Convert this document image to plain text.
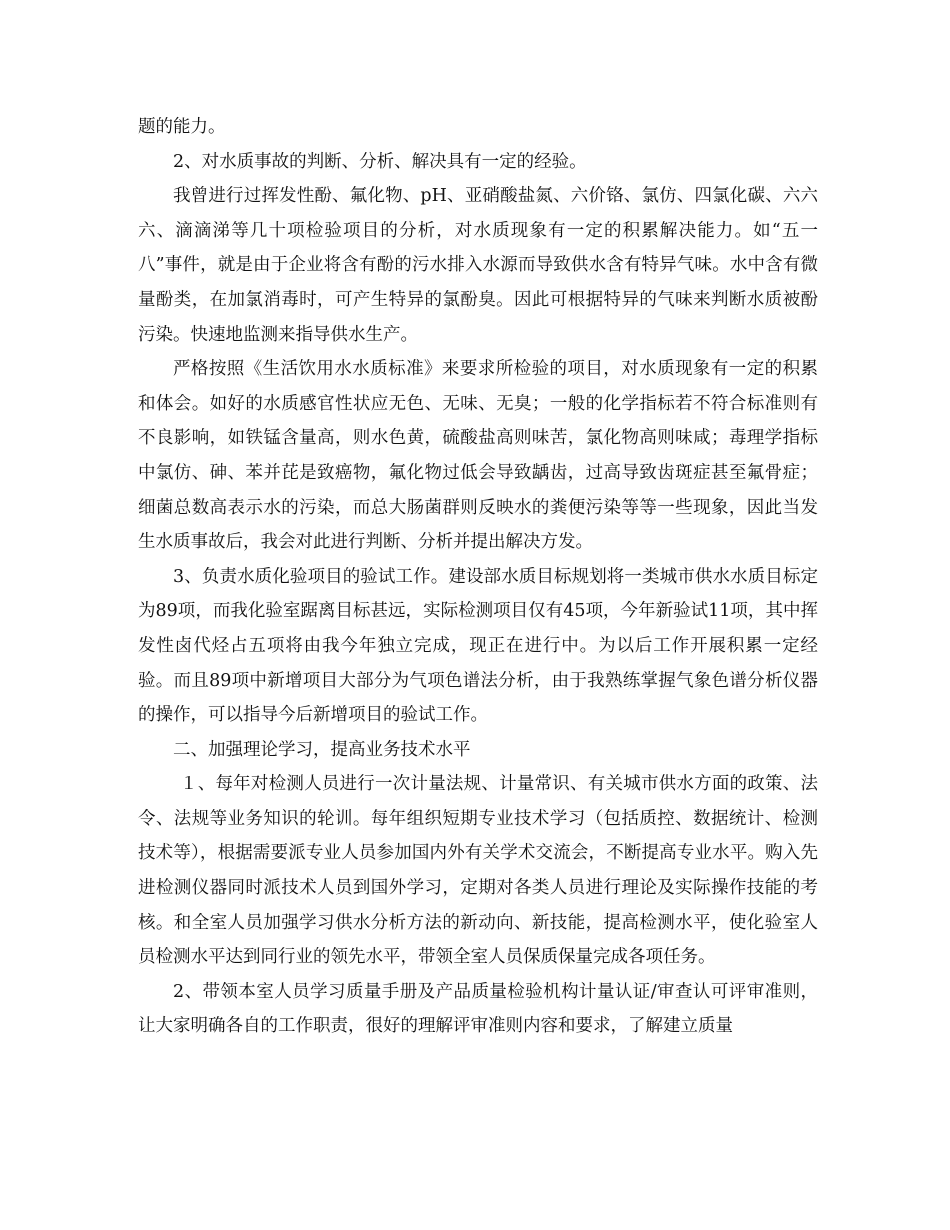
题的能力。

2、对水质事故的判断、分析、解决具有一定的经验。

我曾进行过挥发性酚、氟化物、pH、亚硝酸盐氮、六价铬、氯仿、四氯化碳、六六六、滴滴涕等几十项检验项目的分析，对水质现象有一定的积累解决能力。如“五一八”事件，就是由于企业将含有酚的污水排入水源而导致供水含有特异气味。水中含有微量酚类，在加氯消毒时，可产生特异的氯酚臭。因此可根据特异的气味来判断水质被酚污染。快速地监测来指导供水生产。

严格按照《生活饮用水水质标准》来要求所检验的项目，对水质现象有一定的积累和体会。如好的水质感官性状应无色、无味、无臭；一般的化学指标若不符合标准则有不良影响，如铁锰含量高，则水色黄，硫酸盐高则味苦，氯化物高则味咸；毒理学指标中氯仿、砷、苯并芘是致癌物，氟化物过低会导致龋齿，过高导致齿斑症甚至氟骨症；细菌总数高表示水的污染，而总大肠菌群则反映水的粪便污染等等一些现象，因此当发生水质事故后，我会对此进行判断、分析并提出解决方发。

3、负责水质化验项目的验试工作。建设部水质目标规划将一类城市供水水质目标定为89项，而我化验室踞离目标甚远，实际检测项目仅有45项，今年新验试11项，其中挥发性卤代烃占五项将由我今年独立完成，现正在进行中。为以后工作开展积累一定经验。而且89项中新增项目大部分为气项色谱法分析，由于我熟练掌握气象色谱分析仪器的操作，可以指导今后新增项目的验试工作。

二、加强理论学习，提高业务技术水平

１、每年对检测人员进行一次计量法规、计量常识、有关城市供水方面的政策、法令、法规等业务知识的轮训。每年组织短期专业技术学习（包括质控、数据统计、检测技术等），根据需要派专业人员参加国内外有关学术交流会，不断提高专业水平。购入先进检测仪器同时派技术人员到国外学习，定期对各类人员进行理论及实际操作技能的考核。和全室人员加强学习供水分析方法的新动向、新技能，提高检测水平，使化验室人员检测水平达到同行业的领先水平，带领全室人员保质保量完成各项任务。

2、带领本室人员学习质量手册及产品质量检验机构计量认证/审查认可评审准则，让大家明确各自的工作职责，很好的理解评审准则内容和要求，了解建立质量
